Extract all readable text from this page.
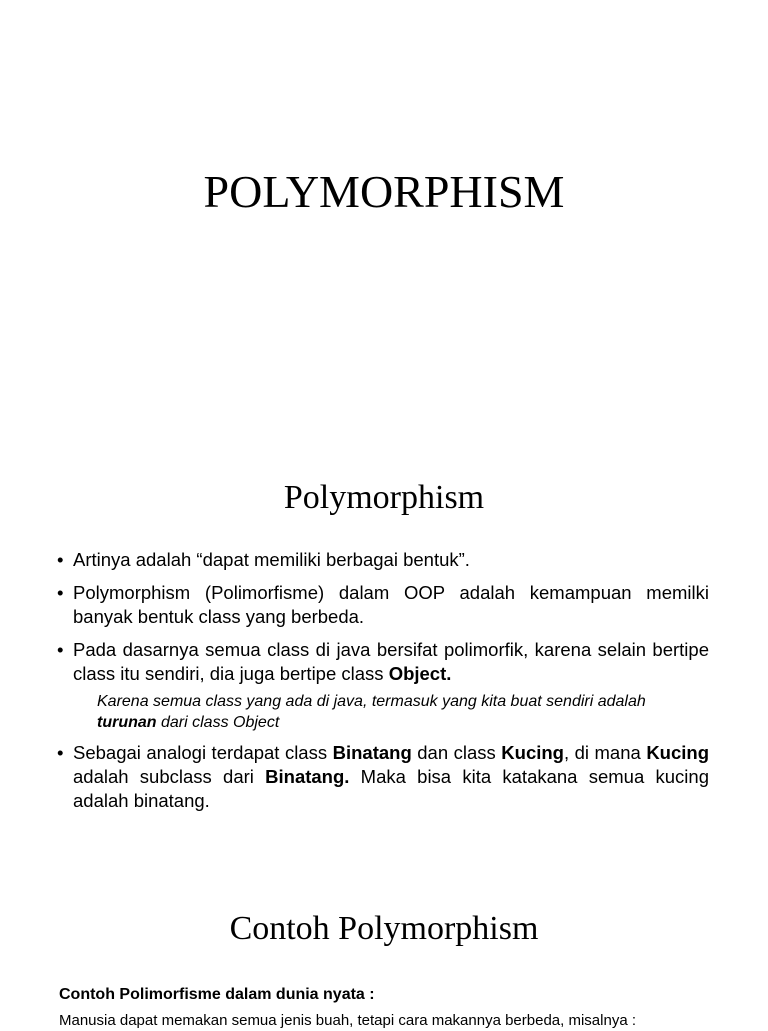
POLYMORPHISM
Polymorphism
• Artinya adalah “dapat memiliki berbagai bentuk”.
• Polymorphism (Polimorfisme) dalam OOP adalah kemampuan memilki banyak bentuk class yang berbeda.
• Pada dasarnya semua class di java bersifat polimorfik, karena selain bertipe class itu sendiri, dia juga bertipe class Object.
Karena semua class yang ada di java, termasuk yang kita buat sendiri adalah turunan dari class Object
• Sebagai analogi terdapat class Binatang dan class Kucing, di mana Kucing adalah subclass dari Binatang. Maka bisa kita katakana semua kucing adalah binatang.
Contoh Polymorphism
Contoh Polimorfisme dalam dunia nyata :
Manusia dapat memakan semua jenis buah, tetapi cara makannya berbeda, misalnya :
